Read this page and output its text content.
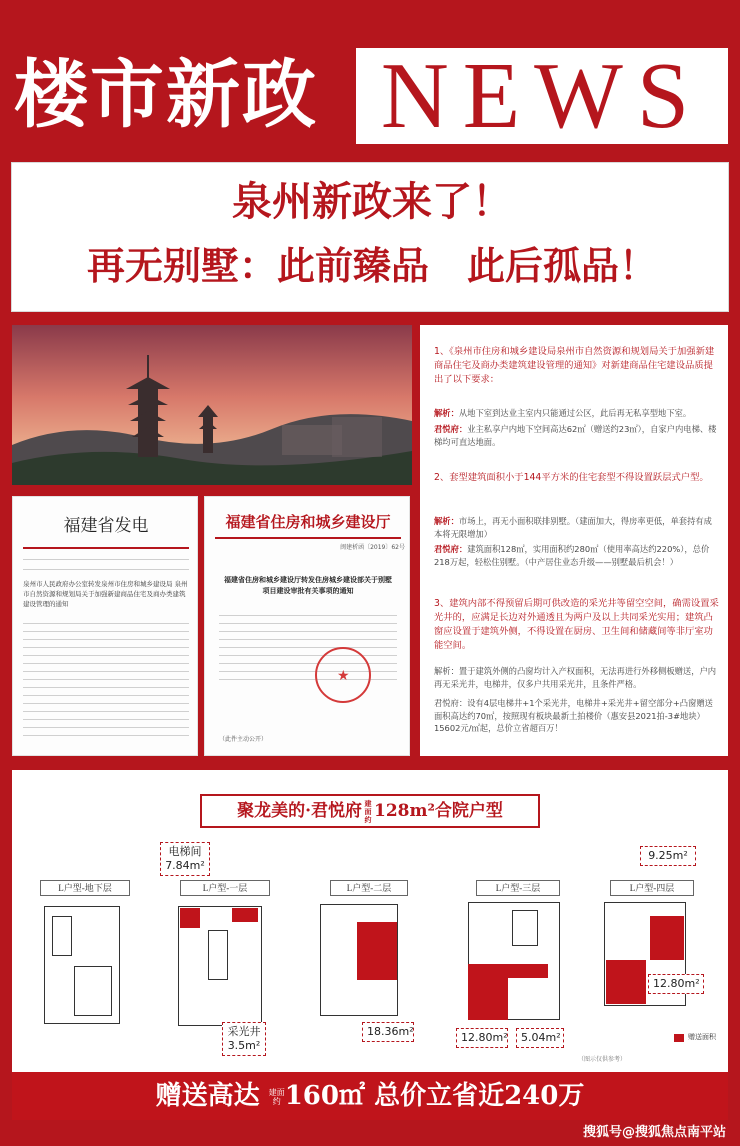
楼市新政 NEWS
泉州新政来了！
再无别墅：此前臻品　此后孤品！
福建省发电
泉州市人民政府办公室转发泉州市住房和城乡建设局 泉州市自然资源和规划局关于加强新建商品住宅及商办类建筑建设管理的通知
福建省住房和城乡建设厅
闽建析函〔2019〕62号
福建省住房和城乡建设厅转发住房城乡建设部关于别墅项目建设审批有关事项的通知
★
（此件主动公开）
1、《泉州市住房和城乡建设局泉州市自然资源和规划局关于加强新建商品住宅及商办类建筑建设管理的通知》对新建商品住宅建设品质提出了以下要求：
解析：从地下室到达业主室内只能通过公区，此后再无私享型地下室。
君悦府：业主私享户内地下空间高达62㎡（赠送约23㎡），自家户内电梯、楼梯均可直达地面。
2、套型建筑面积小于144平方米的住宅套型不得设置跃层式户型。
解析：市场上，再无小面积联排别墅。（建面加大，得房率更低，单套持有成本将无限增加）
君悦府：建筑面积128㎡，实用面积约280㎡（使用率高达约220%），总价218万起，轻松住别墅。（中产居住业态升级——别墅最后机会！）
3、建筑内部不得预留后期可供改造的采光井等留空空间，确需设置采光井的，应满足长边对外通透且为两户及以上共同采光实用；建筑凸窗应设置于建筑外侧，不得设置在厨房、卫生间和储藏间等非厅室功能空间。
解析：置于建筑外侧的凸窗均计入产权面积，无法再进行外移侧板赠送，户内再无采光井，电梯井，仅多户共用采光井，且条件严格。
君悦府：设有4层电梯井+1个采光井，电梯井+采光井+留空部分+凸窗赠送面积高达约70㎡，按照现有板块最新土拍楼价（惠安县2021拍-3#地块）15602元/㎡起，总价立省超百万！
聚龙美的·君悦府 建面约 128m²合院户型
L户型-地下层	L户型-一层	L户型-二层	L户型-三层	L户型-四层
电梯间
7.84m²
采光井
3.5m²
18.36m²	12.80m²	5.04m²
9.25m²
12.80m²
赠送面积
（图示仅供参考）
赠送高达 建面约 160㎡ 总价立省近240万
搜狐号@搜狐焦点南平站
